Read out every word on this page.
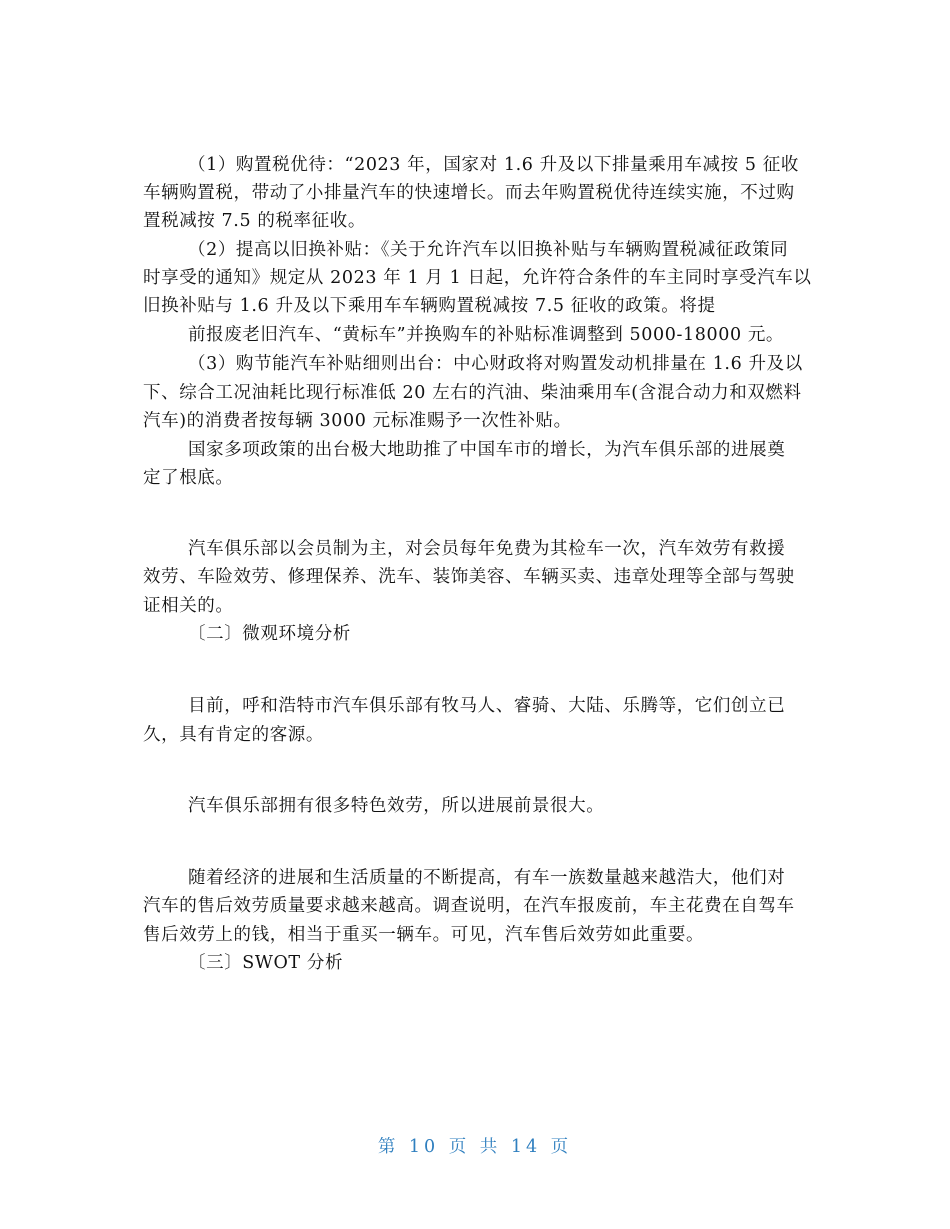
（1）购置税优待：“2023 年，国家对 1.6 升及以下排量乘用车减按 5 征收
车辆购置税，带动了小排量汽车的快速增长。而去年购置税优待连续实施，不过购
置税减按 7.5 的税率征收。
（2）提高以旧换补贴：《关于允许汽车以旧换补贴与车辆购置税减征政策同
时享受的通知》规定从 2023 年 1 月 1 日起，允许符合条件的车主同时享受汽车以
旧换补贴与 1.6 升及以下乘用车车辆购置税减按 7.5 征收的政策。将提
前报废老旧汽车、“黄标车”并换购车的补贴标准调整到 5000-18000 元。
（3）购节能汽车补贴细则出台：中心财政将对购置发动机排量在 1.6 升及以
下、综合工况油耗比现行标准低 20 左右的汽油、柴油乘用车(含混合动力和双燃料
汽车)的消费者按每辆 3000 元标准赐予一次性补贴。
国家多项政策的出台极大地助推了中国车市的增长，为汽车俱乐部的进展奠
定了根底。
汽车俱乐部以会员制为主，对会员每年免费为其检车一次，汽车效劳有救援
效劳、车险效劳、修理保养、洗车、装饰美容、车辆买卖、违章处理等全部与驾驶
证相关的。
〔二〕微观环境分析
目前，呼和浩特市汽车俱乐部有牧马人、睿骑、大陆、乐腾等，它们创立已
久，具有肯定的客源。
汽车俱乐部拥有很多特色效劳，所以进展前景很大。
随着经济的进展和生活质量的不断提高，有车一族数量越来越浩大，他们对
汽车的售后效劳质量要求越来越高。调查说明，在汽车报废前，车主花费在自驾车
售后效劳上的钱，相当于重买一辆车。可见，汽车售后效劳如此重要。
〔三〕SWOT 分析
第 10 页 共 14 页
